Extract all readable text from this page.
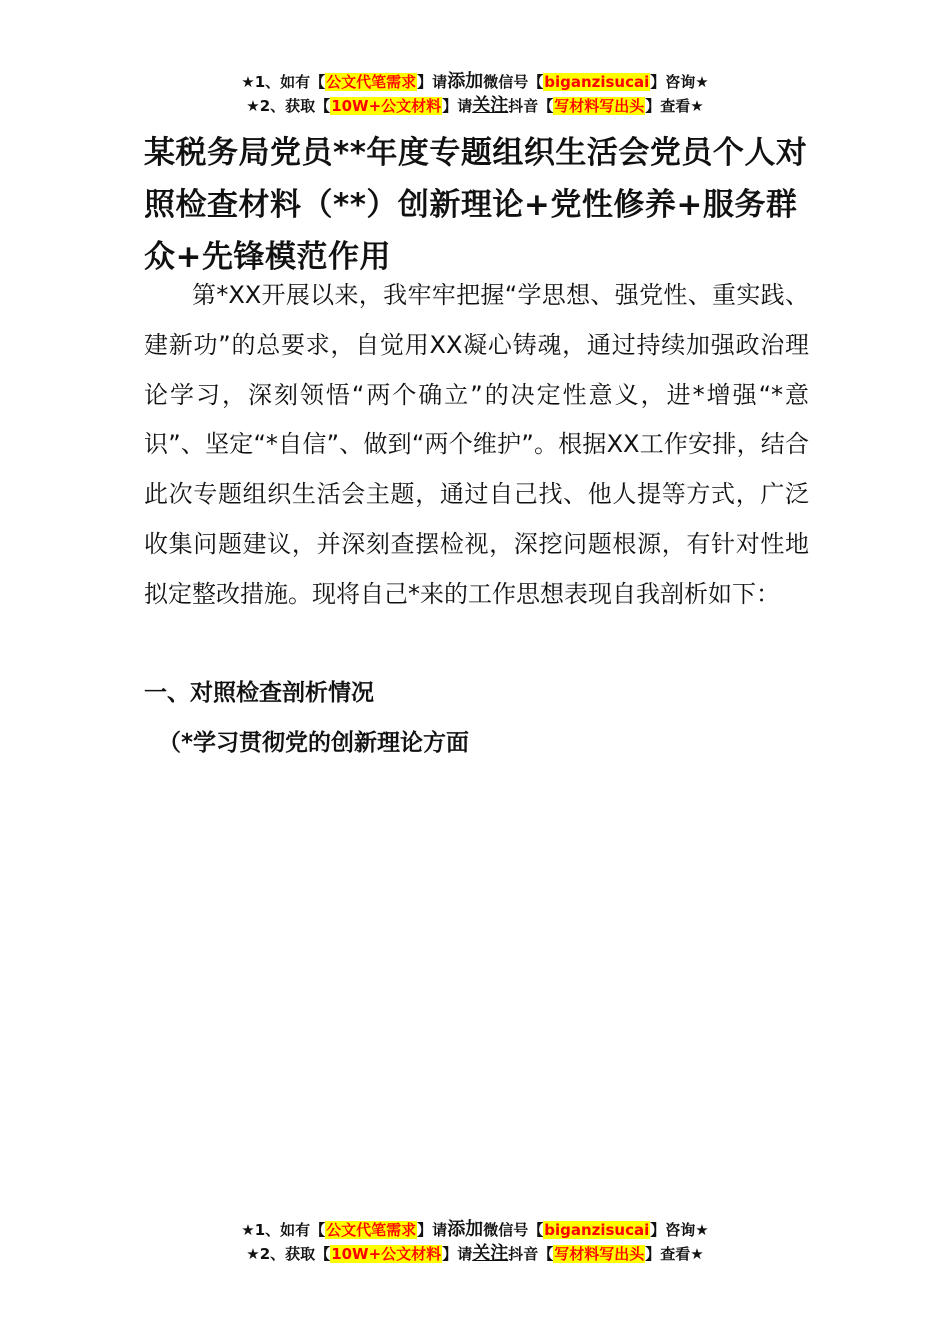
★1、如有【公文代笔需求】请添加微信号【biganzisucai】咨询★
★2、获取【10W+公文材料】请关注抖音【写材料写出头】查看★
某税务局党员**年度专题组织生活会党员个人对照检查材料（**）创新理论+党性修养+服务群众+先锋模范作用

第*XX开展以来，我牢牢把握“学思想、强党性、重实践、建新功”的总要求，自觉用XX凝心铸魂，通过持续加强政治理论学习，深刻领悟“两个确立”的决定性意义，进*增强“*意识”、坚定“*自信”、做到“两个维护”。根据XX工作安排，结合此次专题组织生活会主题，通过自己找、他人提等方式，广泛收集问题建议，并深刻查摆检视，深挖问题根源，有针对性地拟定整改措施。现将自己*来的工作思想表现自我剖析如下：

一、对照检查剖析情况
（*学习贯彻党的创新理论方面
★1、如有【公文代笔需求】请添加微信号【biganzisucai】咨询★
★2、获取【10W+公文材料】请关注抖音【写材料写出头】查看★
